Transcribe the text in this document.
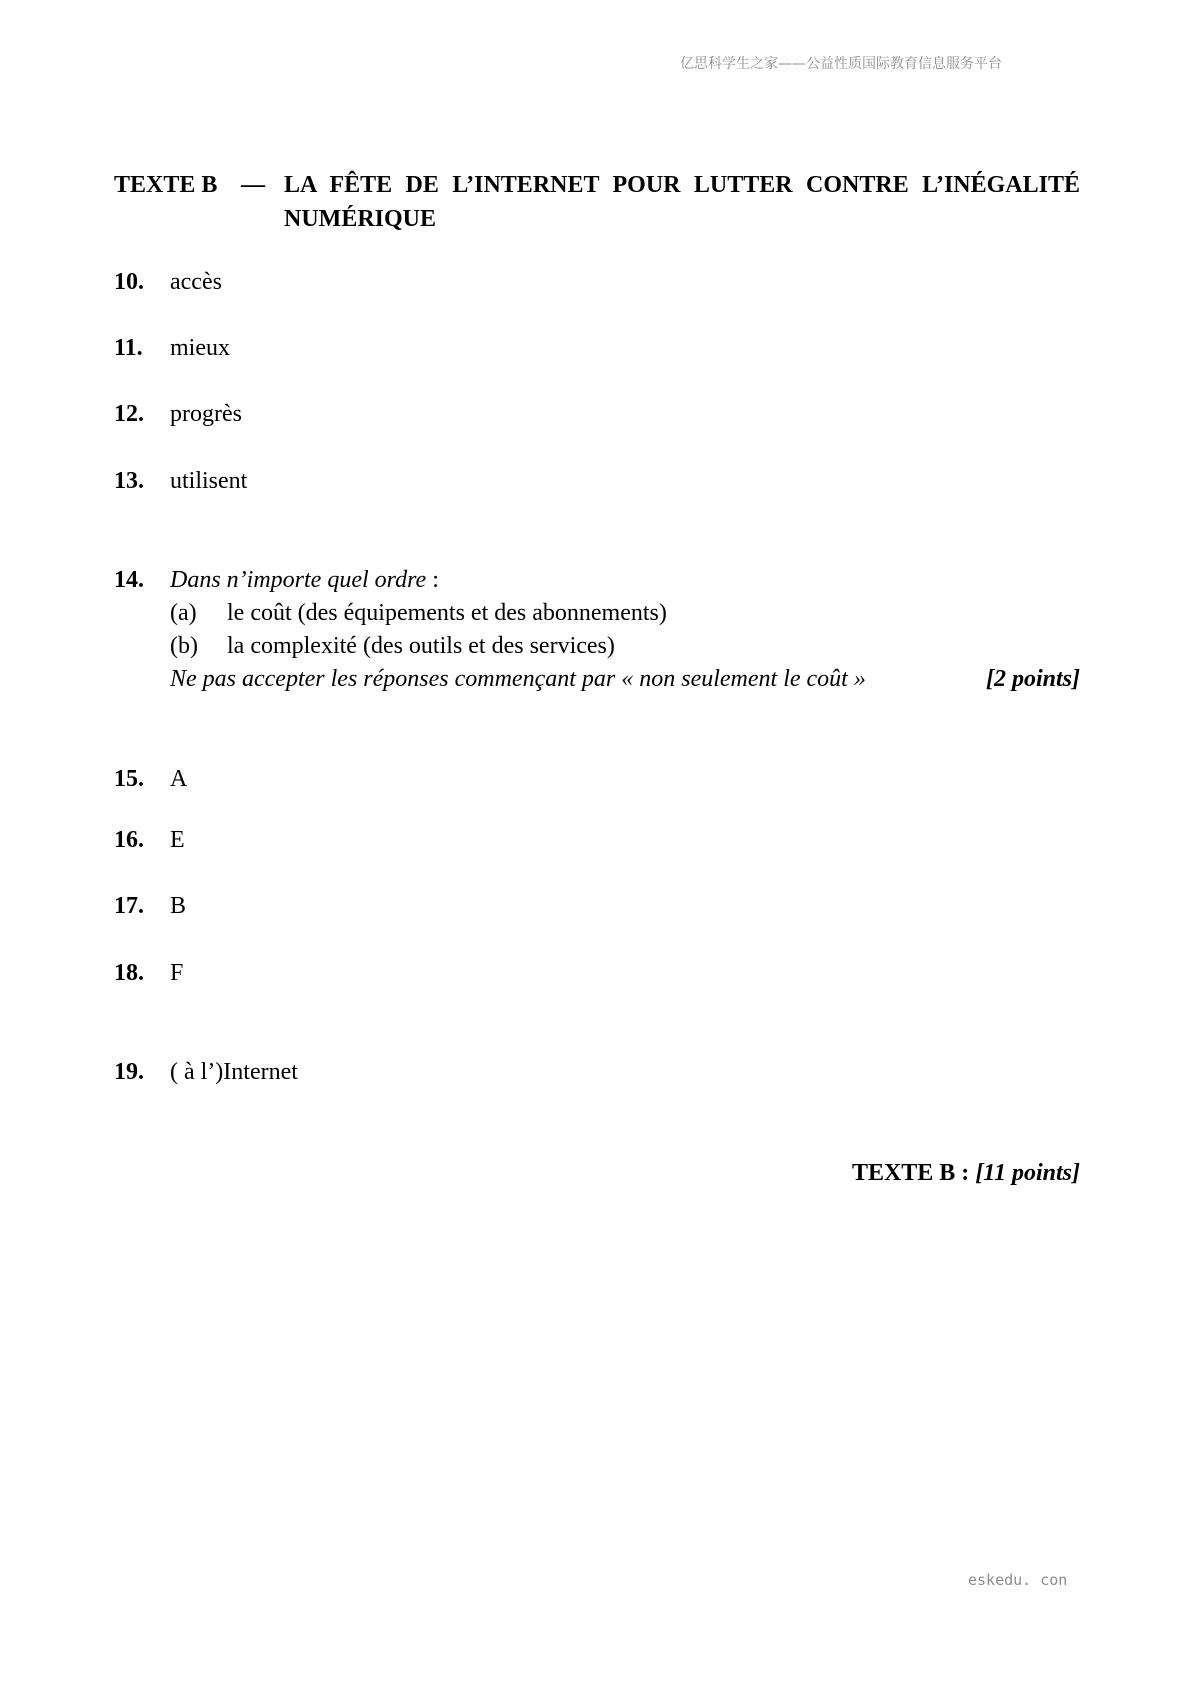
亿思科学生之家——公益性质国际教育信息服务平台
TEXTE B — LA FÊTE DE L’INTERNET POUR LUTTER CONTRE L’INÉGALITÉ NUMÉRIQUE
10. accès
11. mieux
12. progrès
13. utilisent
14. Dans n’importe quel ordre :
(a) le coût (des équipements et des abonnements)
(b) la complexité (des outils et des services)
Ne pas accepter les réponses commençant par « non seulement le coût »	[2 points]
15. A
16. E
17. B
18. F
19. ( à l’)Internet
TEXTE B : [11 points]
eskedu. con
